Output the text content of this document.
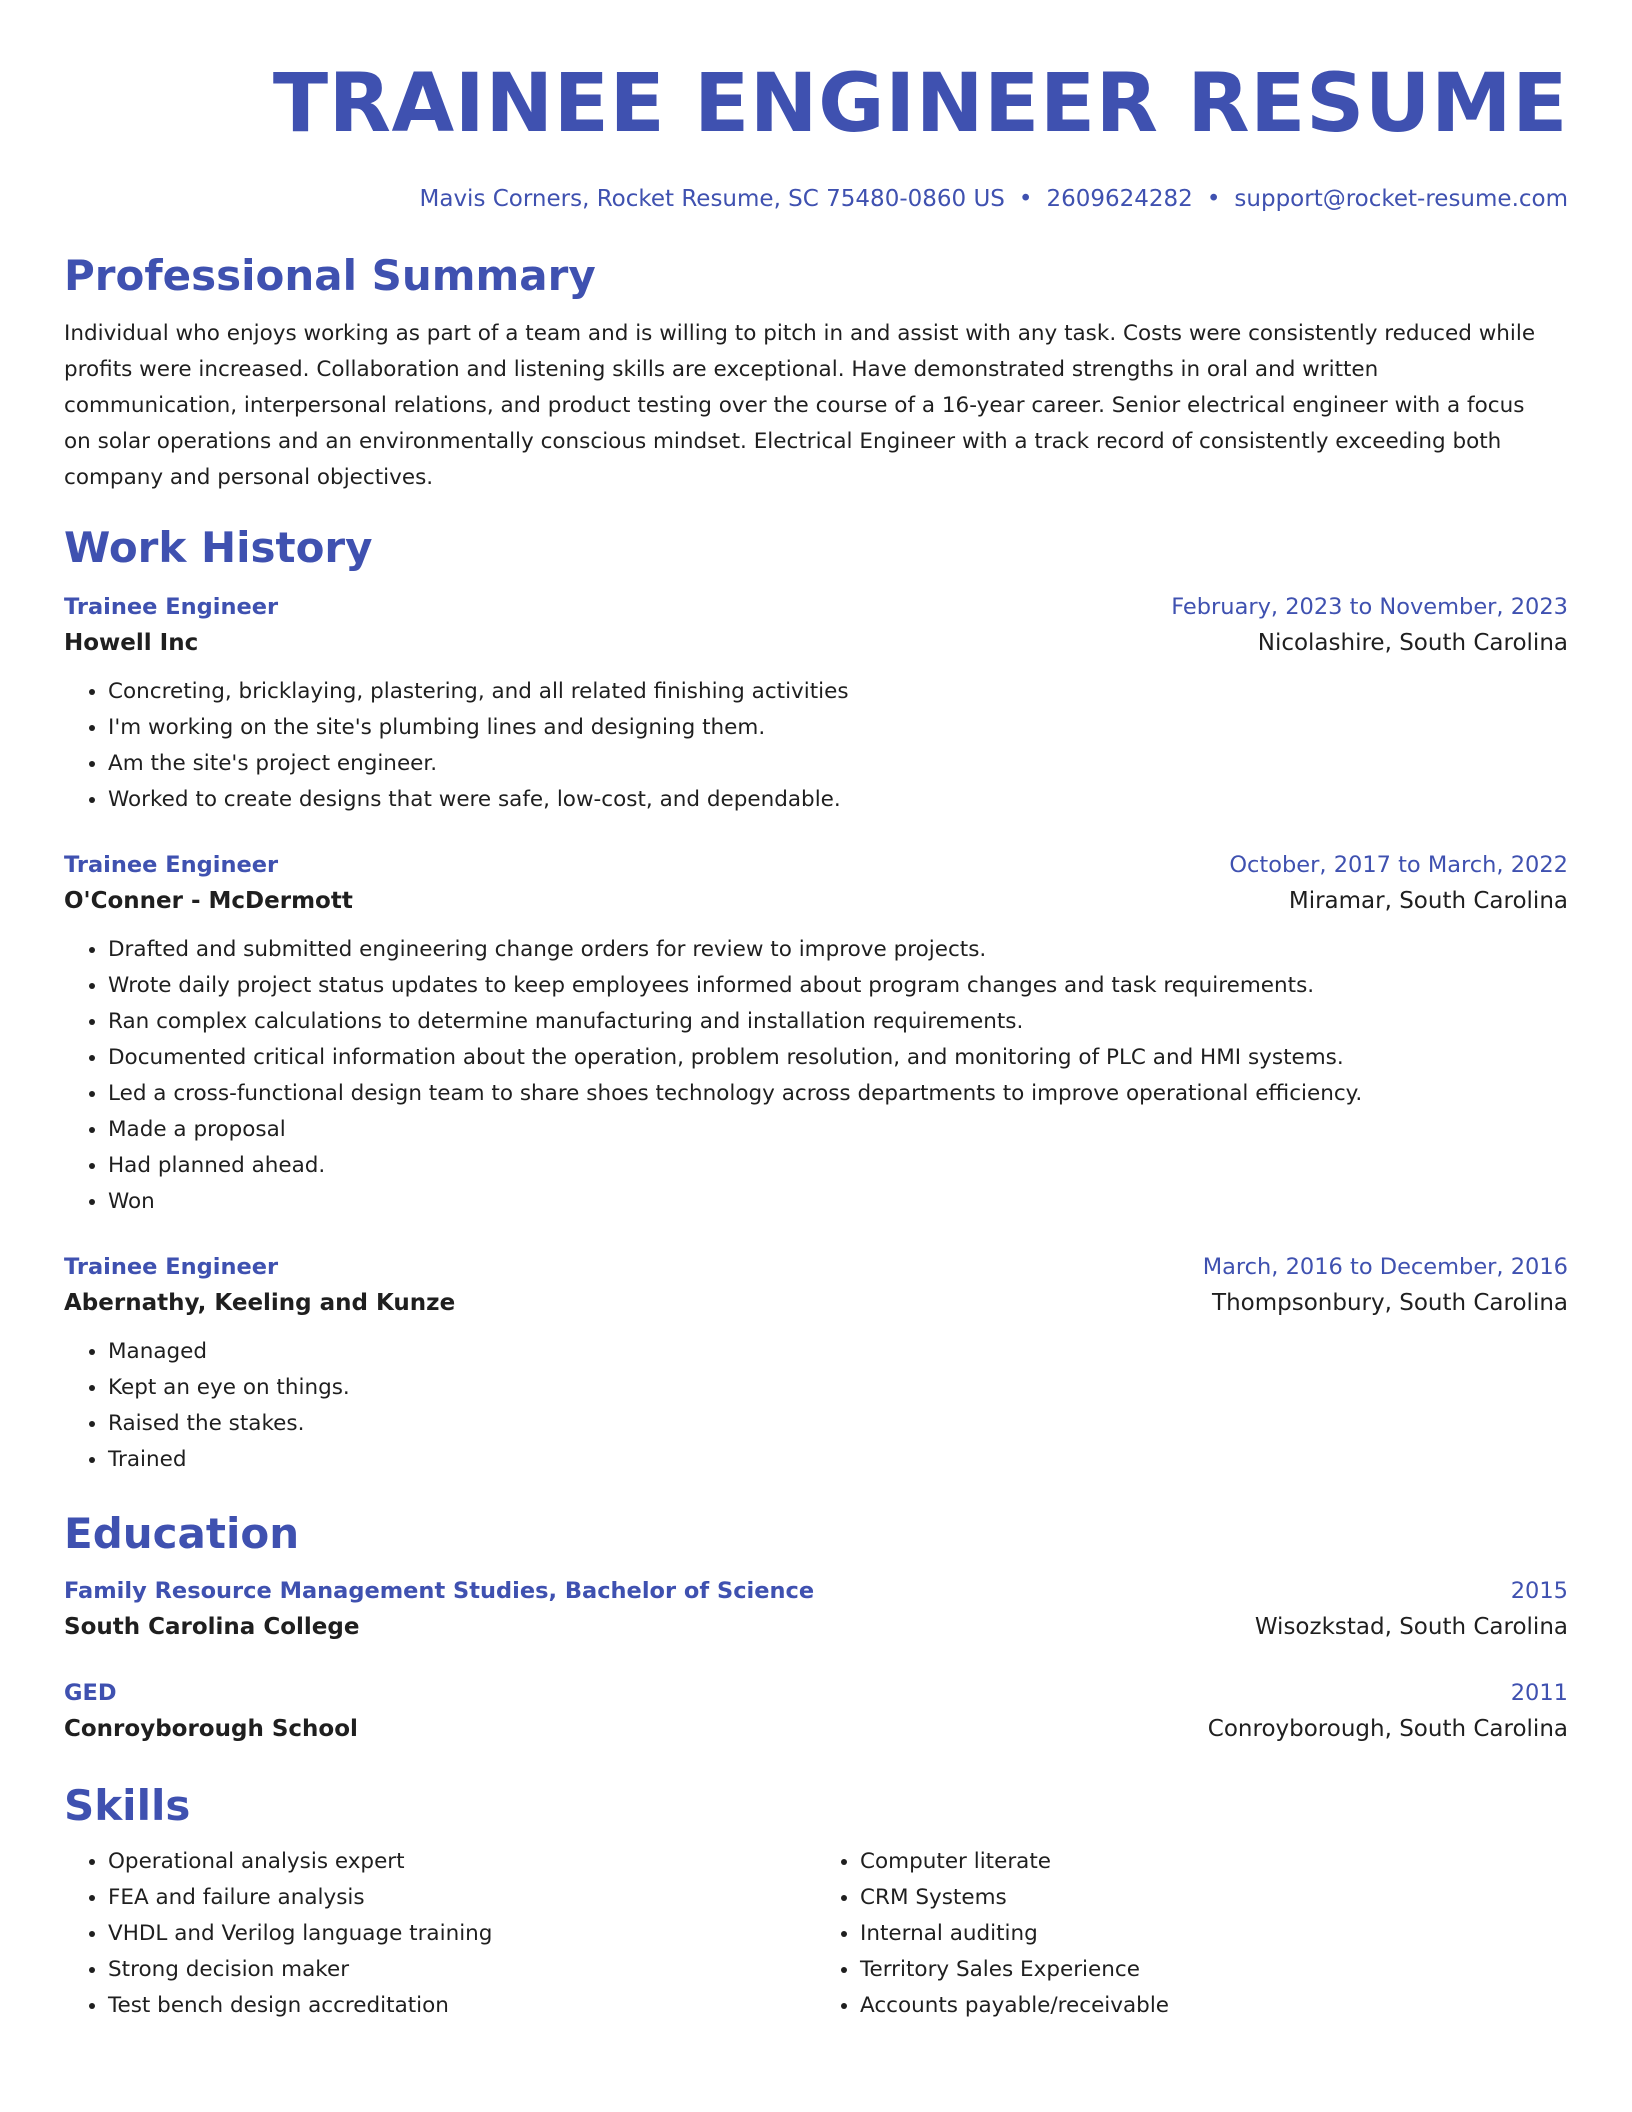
TRAINEE ENGINEER RESUME
Mavis Corners, Rocket Resume, SC 75480-0860 US • 2609624282 • support@rocket-resume.com
Professional Summary

Individual who enjoys working as part of a team and is willing to pitch in and assist with any task. Costs were consistently reduced while profits were increased. Collaboration and listening skills are exceptional. Have demonstrated strengths in oral and written communication, interpersonal relations, and product testing over the course of a 16-year career. Senior electrical engineer with a focus on solar operations and an environmentally conscious mindset. Electrical Engineer with a track record of consistently exceeding both company and personal objectives.

Work History
Trainee Engineer	February, 2023 to November, 2023
Howell Inc	Nicolashire, South Carolina
• Concreting, bricklaying, plastering, and all related finishing activities
• I'm working on the site's plumbing lines and designing them.
• Am the site's project engineer.
• Worked to create designs that were safe, low-cost, and dependable.
Trainee Engineer	October, 2017 to March, 2022
O'Conner - McDermott	Miramar, South Carolina
• Drafted and submitted engineering change orders for review to improve projects.
• Wrote daily project status updates to keep employees informed about program changes and task requirements.
• Ran complex calculations to determine manufacturing and installation requirements.
• Documented critical information about the operation, problem resolution, and monitoring of PLC and HMI systems.
• Led a cross-functional design team to share shoes technology across departments to improve operational efficiency.
• Made a proposal
• Had planned ahead.
• Won
Trainee Engineer	March, 2016 to December, 2016
Abernathy, Keeling and Kunze	Thompsonbury, South Carolina
• Managed
• Kept an eye on things.
• Raised the stakes.
• Trained
Education
Family Resource Management Studies, Bachelor of Science	2015
South Carolina College	Wisozkstad, South Carolina
GED	2011
Conroyborough School	Conroyborough, South Carolina
Skills
• Operational analysis expert
• FEA and failure analysis
• VHDL and Verilog language training
• Strong decision maker
• Test bench design accreditation
• Computer literate
• CRM Systems
• Internal auditing
• Territory Sales Experience
• Accounts payable/receivable
